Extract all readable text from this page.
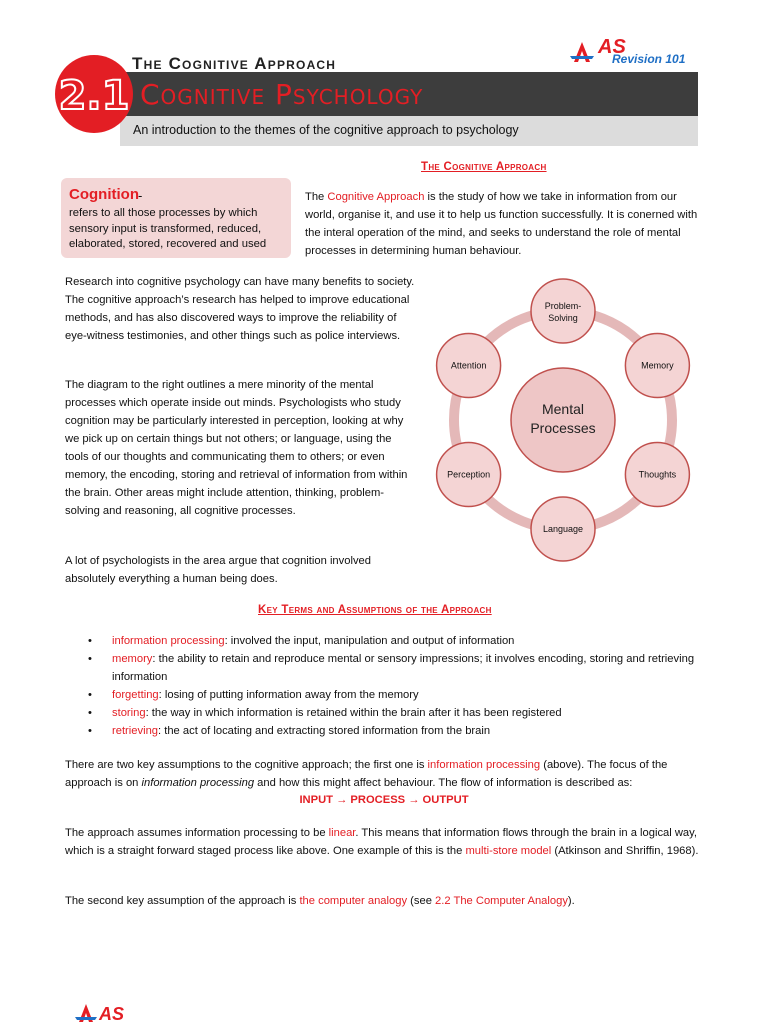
The Cognitive Approach
Cognitive Psychology
An introduction to the themes of the cognitive approach to psychology
2.1
AS
Revision 101
The Cognitive Approach
Cognition -
refers to all those processes by which sensory input is transformed, reduced, elaborated, stored, recovered and used
The Cognitive Approach is the study of how we take in information from our world, organise it, and use it to help us function successfully. It is conerned with the interal operation of the mind, and seeks to understand the role of mental processes in determining human behaviour.
Research into cognitive psychology can have many benefits to society. The cognitive approach’s research has helped to improve educational methods, and has also discovered ways to improve the reliability of eye-witness testimonies, and other things such as police interviews.
The diagram to the right outlines a mere minority of the mental processes which operate inside out minds. Psychologists who study cognition may be particularly interested in perception, looking at why we pick up on certain things but not others; or language, using the tools of our thoughts and communicating them to others; or even memory, the encoding, storing and retrieval of information from within the brain. Other areas might include attention, thinking, problem-solving and reasoning, all cognitive processes.
A lot of psychologists in the area argue that cognition involved absolutely everything a human being does.
Problem-
Solving
Memory
Thoughts
Language
Perception
Attention
Mental
Processes
Key Terms and Assumptions of the Approach
• information processing: involved the input, manipulation and output of information
• memory: the ability to retain and reproduce mental or sensory impressions; it involves encoding, storing and retrieving information
• forgetting: losing of putting information away from the memory
• storing: the way in which information is retained within the brain after it has been registered
• retrieving: the act of locating and extracting stored information from the brain
There are two key assumptions to the cognitive approach; the first one is information processing (above). The focus of the approach is on information processing and how this might affect behaviour. The flow of information is described as:
INPUT → PROCESS → OUTPUT
The approach assumes information processing to be linear. This means that information flows through the brain in a logical way, which is a straight forward staged process like above. One example of this is the multi-store model (Atkinson and Shriffin, 1968).
The second key assumption of the approach is the computer analogy (see 2.2 The Computer Analogy).
AS
